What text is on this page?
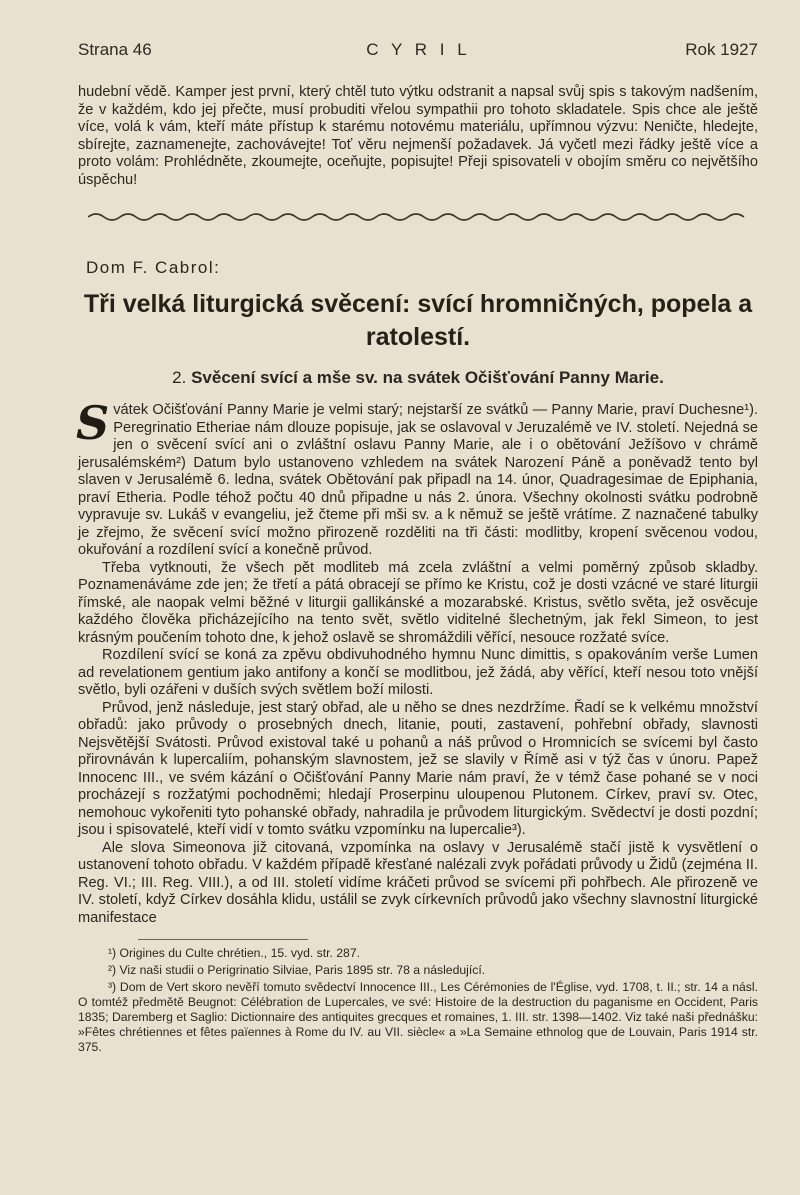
Strana 46	C Y R I L	Rok 1927

hudební vědě. Kamper jest první, který chtěl tuto výtku odstranit a napsal svůj spis s takovým nadšením, že v každém, kdo jej přečte, musí probuditi vřelou sympathii pro tohoto skladatele. Spis chce ale ještě více, volá k vám, kteří máte přístup k starému notovému materiálu, upřímnou výzvu: Neničte, hledejte, sbírejte, zaznamenejte, zachovávejte! Toť věru nejmenší požadavek. Já vyčetl mezi řádky ještě více a proto volám: Prohlédněte, zkoumejte, oceňujte, popisujte! Přeji spisovateli v obojím směru co největšího úspěchu!

Dom F. Cabrol:
Tři velká liturgická svěcení: svící hromničných, popela a ratolestí.
2. Svěcení svící a mše sv. na svátek Očišťování Panny Marie.

Svátek Očišťování Panny Marie je velmi starý; nejstarší ze svátků — Panny Marie, praví Duchesne¹). Peregrinatio Etheriae nám dlouze popisuje, jak se oslavoval v Jeruzalémě ve IV. století. Nejedná se jen o svěcení svící ani o zvláštní oslavu Panny Marie, ale i o obětování Ježíšovo v chrámě jerusalémském²) Datum bylo ustanoveno vzhledem na svátek Narození Páně a poněvadž tento byl slaven v Jerusalémě 6. ledna, svátek Obětování pak připadl na 14. únor, Quadragesimae de Epiphania, praví Etheria. Podle téhož počtu 40 dnů připadne u nás 2. února. Všechny okolnosti svátku podrobně vypravuje sv. Lukáš v evangeliu, jež čteme při mši sv. a k němuž se ještě vrátíme. Z naznačené tabulky je zřejmo, že svěcení svící možno přirozeně rozděliti na tři části: modlitby, kropení svěcenou vodou, okuřování a rozdílení svící a konečně průvod.

Třeba vytknouti, že všech pět modliteb má zcela zvláštní a velmi poměrný způsob skladby. Poznamenáváme zde jen; že třetí a pátá obracejí se přímo ke Kristu, což je dosti vzácné ve staré liturgii římské, ale naopak velmi běžné v liturgii gallikánské a mozarabské. Kristus, světlo světa, jež osvěcuje každého člověka přicházejícího na tento svět, světlo viditelné šlechetným, jak řekl Simeon, to jest krásným poučením tohoto dne, k jehož oslavě se shromáždili věřící, nesouce rozžaté svíce.

Rozdílení svící se koná za zpěvu obdivuhodného hymnu Nunc dimittis, s opakováním verše Lumen ad revelationem gentium jako antifony a končí se modlitbou, jež žádá, aby věřící, kteří nesou toto vnější světlo, byli ozářeni v duších svých světlem boží milosti.

Průvod, jenž následuje, jest starý obřad, ale u něho se dnes nezdržíme. Řadí se k velkému množství obřadů: jako průvody o prosebných dnech, litanie, pouti, zastavení, pohřební obřady, slavnosti Nejsvětější Svátosti. Průvod existoval také u pohanů a náš průvod o Hromnicích se svícemi byl často přirovnáván k lupercaliím, pohanským slavnostem, jež se slavily v Římě asi v týž čas v únoru. Papež Innocenc III., ve svém kázání o Očišťování Panny Marie nám praví, že v témž čase pohané se v noci procházejí s rozžatými pochodněmi; hledají Proserpinu uloupenou Plutonem. Církev, praví sv. Otec, nemohouc vykořeniti tyto pohanské obřady, nahradila je průvodem liturgickým. Svědectví je dosti pozdní; jsou i spisovatelé, kteří vidí v tomto svátku vzpomínku na lupercalie³).

Ale slova Simeonova již citovaná, vzpomínka na oslavy v Jerusalémě stačí jistě k vysvětlení o ustanovení tohoto obřadu. V každém případě křesťané nalézali zvyk pořádati průvody u Židů (zejména II. Reg. VI.; III. Reg. VIII.), a od III. století vidíme kráčeti průvod se svícemi při pohřbech. Ale přirozeně ve IV. století, když Církev dosáhla klidu, ustálil se zvyk církevních průvodů jako všechny slavnostní liturgické manifestace

¹) Origines du Culte chrétien., 15. vyd. str. 287.

²) Viz naši studii o Perigrinatio Silviae, Paris 1895 str. 78 a následující.

³) Dom de Vert skoro nevěří tomuto svědectví Innocence III., Les Cérémonies de l'Église, vyd. 1708, t. II.; str. 14 a násl. O tomtéž předmětě Beugnot: Célébration de Lupercales, ve své: Histoire de la destruction du paganisme en Occident, Paris 1835; Daremberg et Saglio: Dictionnaire des antiquites grecques et romaines, 1. III. str. 1398—1402. Viz také naši přednášku: »Fêtes chrétiennes et fêtes païennes à Rome du IV. au VII. siècle« a »La Semaine ethnolog que de Louvain, Paris 1914 str. 375.
